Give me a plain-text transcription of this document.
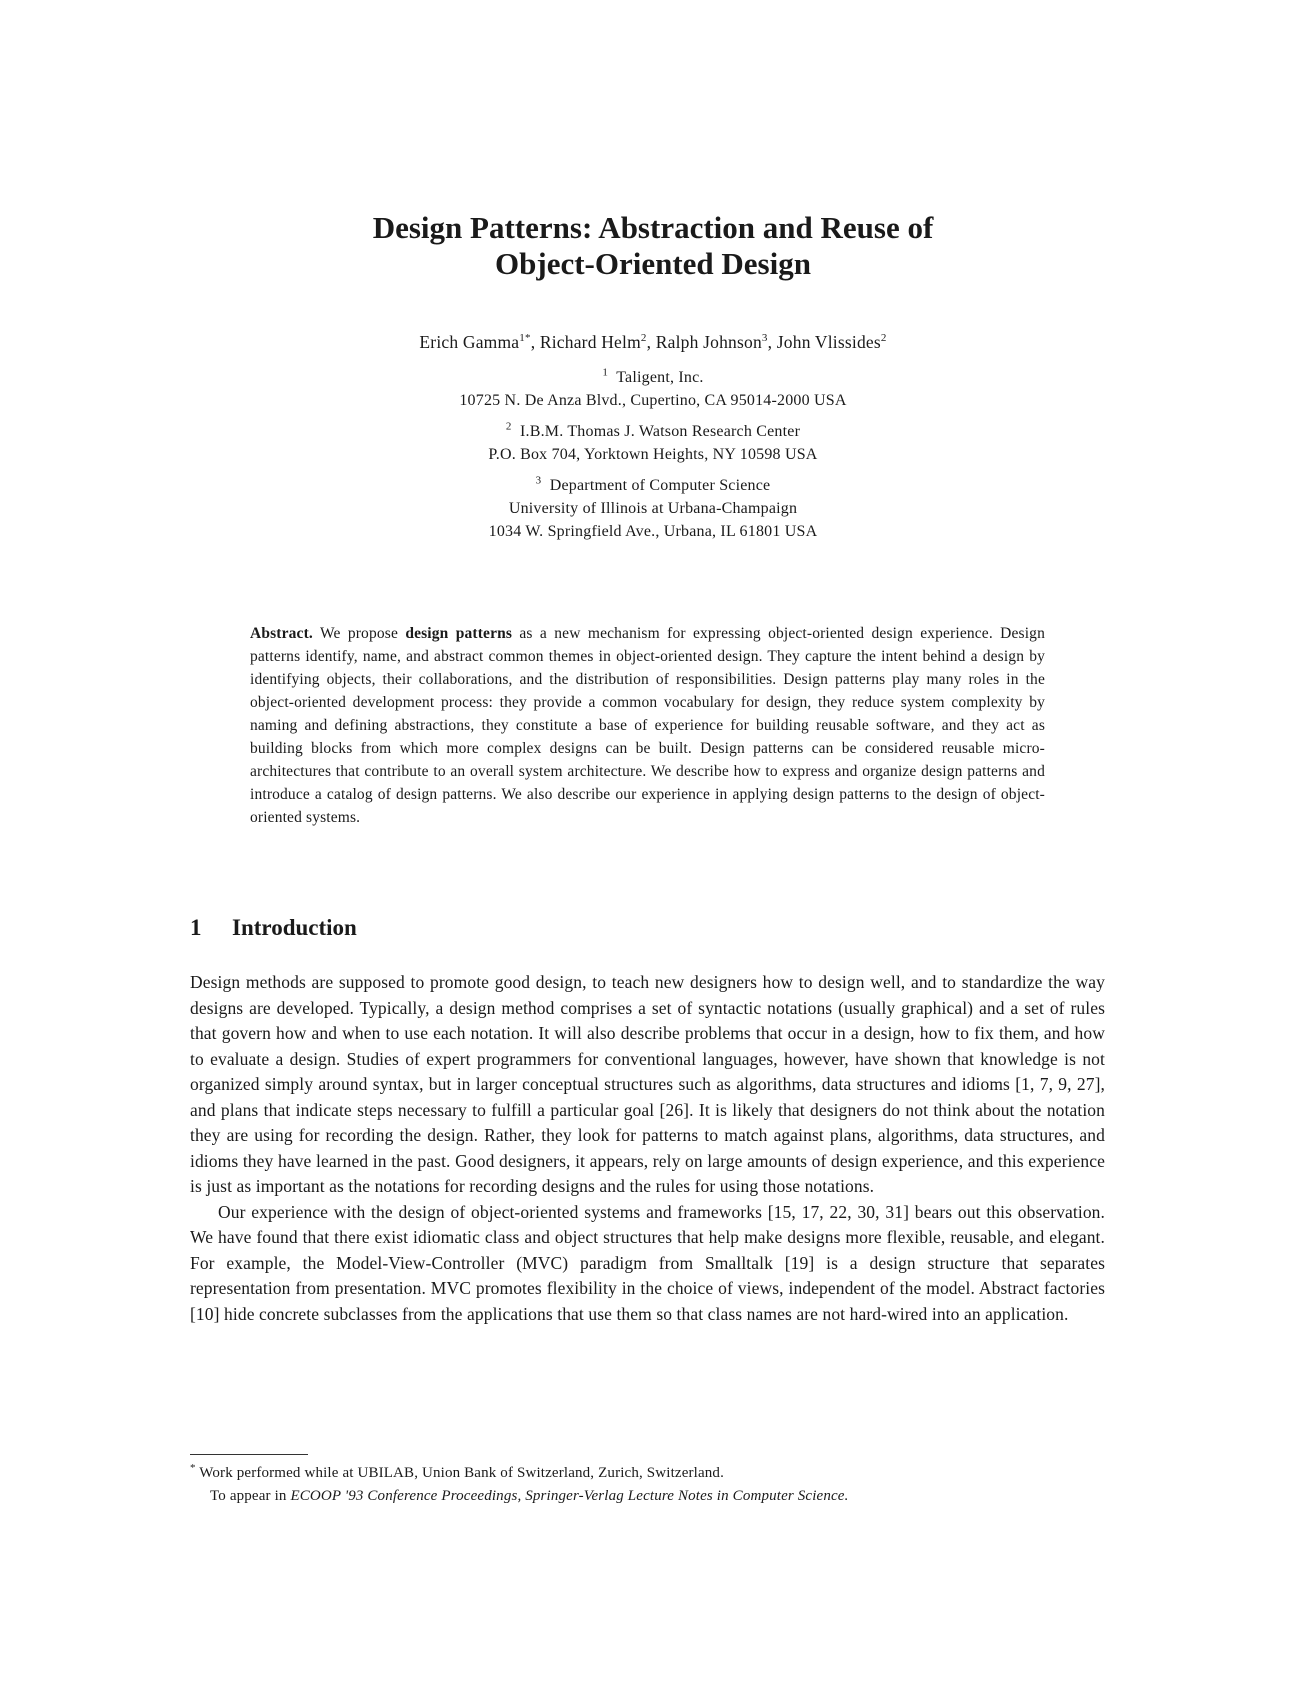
Design Patterns: Abstraction and Reuse of
Object-Oriented Design
Erich Gamma$^{1*}$, Richard Helm$^2$, Ralph Johnson$^3$, John Vlissides$^2$
$^1$ Taligent, Inc.
10725 N. De Anza Blvd., Cupertino, CA 95014-2000 USA
$^2$ I.B.M. Thomas J. Watson Research Center
P.O. Box 704, Yorktown Heights, NY 10598 USA
$^3$ Department of Computer Science
University of Illinois at Urbana-Champaign
1034 W. Springfield Ave., Urbana, IL 61801 USA
Abstract. We propose design patterns as a new mechanism for expressing object-oriented design experience. Design patterns identify, name, and abstract common themes in object-oriented design. They capture the intent behind a design by identifying objects, their collaborations, and the distribution of responsibilities. Design patterns play many roles in the object-oriented development process: they provide a common vocabulary for design, they reduce system complexity by naming and defining abstractions, they constitute a base of experience for building reusable software, and they act as building blocks from which more complex designs can be built. Design patterns can be considered reusable micro-architectures that contribute to an overall system architecture. We describe how to express and organize design patterns and introduce a catalog of design patterns. We also describe our experience in applying design patterns to the design of object-oriented systems.
1 Introduction

Design methods are supposed to promote good design, to teach new designers how to design well, and to standardize the way designs are developed. Typically, a design method comprises a set of syntactic notations (usually graphical) and a set of rules that govern how and when to use each notation. It will also describe problems that occur in a design, how to fix them, and how to evaluate a design. Studies of expert programmers for conventional languages, however, have shown that knowledge is not organized simply around syntax, but in larger conceptual structures such as algorithms, data structures and idioms [1, 7, 9, 27], and plans that indicate steps necessary to fulfill a particular goal [26]. It is likely that designers do not think about the notation they are using for recording the design. Rather, they look for patterns to match against plans, algorithms, data structures, and idioms they have learned in the past. Good designers, it appears, rely on large amounts of design experience, and this experience is just as important as the notations for recording designs and the rules for using those notations.

Our experience with the design of object-oriented systems and frameworks [15, 17, 22, 30, 31] bears out this observation. We have found that there exist idiomatic class and object structures that help make designs more flexible, reusable, and elegant. For example, the Model-View-Controller (MVC) paradigm from Smalltalk [19] is a design structure that separates representation from presentation. MVC promotes flexibility in the choice of views, independent of the model. Abstract factories [10] hide concrete subclasses from the applications that use them so that class names are not hard-wired into an application.

* Work performed while at UBILAB, Union Bank of Switzerland, Zurich, Switzerland.
To appear in ECOOP '93 Conference Proceedings, Springer-Verlag Lecture Notes in Computer Science.
